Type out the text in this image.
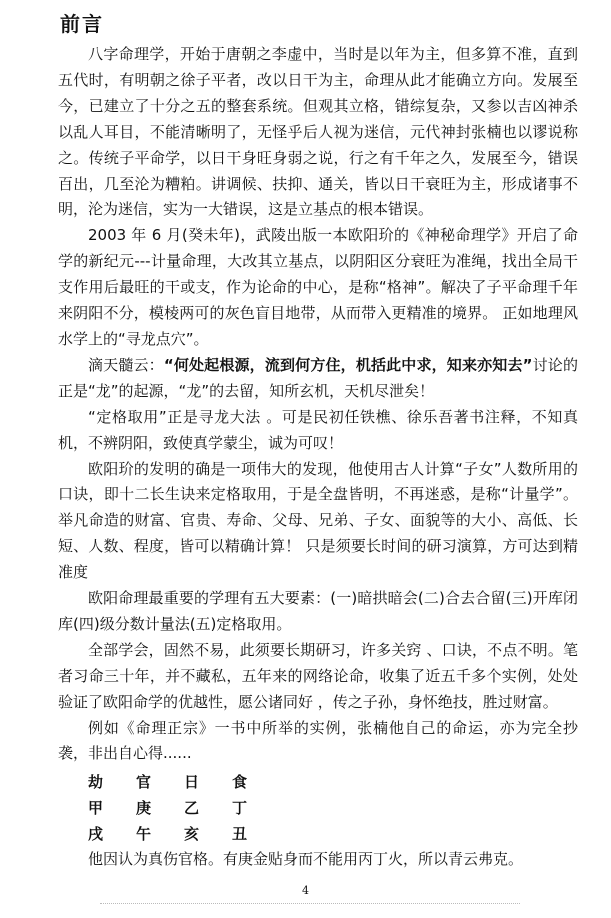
前言

八字命理学，开始于唐朝之李虚中，当时是以年为主，但多算不准，直到五代时，有明朝之徐子平者，改以日干为主，命理从此才能确立方向。发展至今，已建立了十分之五的整套系统。但观其立格，错综复杂，又参以吉凶神杀以乱人耳目，不能清晰明了，无怪乎后人视为迷信，元代神封张楠也以谬说称之。传统子平命学，以日干身旺身弱之说，行之有千年之久，发展至今，错误百出，几至沦为糟粕。讲调候、扶抑、通关，皆以日干衰旺为主，形成诸事不明，沦为迷信，实为一大错误，这是立基点的根本错误。

2003 年 6 月(癸未年)，武陵出版一本欧阳玠的《神秘命理学》开启了命学的新纪元---计量命理，大改其立基点，以阴阳区分衰旺为准绳，找出全局干支作用后最旺的干或支，作为论命的中心，是称“格神”。解决了子平命理千年来阴阳不分，模棱两可的灰色盲目地带，从而带入更精准的境界。 正如地理风水学上的“寻龙点穴”。

滴天髓云：“何处起根源，流到何方住，机括此中求，知来亦知去”讨论的正是“龙”的起源，“龙”的去留，知所玄机，天机尽泄矣！

“定格取用”正是寻龙大法 。可是民初任铁樵、徐乐吾著书注释，不知真机，不辨阴阳，致使真学蒙尘，诚为可叹！

欧阳玠的发明的确是一项伟大的发现，他使用古人计算“子女”人数所用的口诀，即十二长生诀来定格取用，于是全盘皆明，不再迷惑，是称“计量学”。举凡命造的财富、官贵、寿命、父母、兄弟、子女、面貌等的大小、高低、长短、人数、程度，皆可以精确计算！ 只是须要长时间的研习演算，方可达到精准度

欧阳命理最重要的学理有五大要素：(一)暗拱暗会(二)合去合留(三)开库闭库(四)级分数计量法(五)定格取用。

全部学会，固然不易，此须要长期研习，许多关窍 、口诀，不点不明。笔者习命三十年，并不藏私，五年来的网络论命，收集了近五千多个实例，处处验证了欧阳命学的优越性，愿公诸同好 ，传之子孙，身怀绝技，胜过财富。

例如《命理正宗》一书中所举的实例，张楠他自己的命运，亦为完全抄袭，非出自心得......

劫	官	日	食
甲	庚	乙	丁
戌	午	亥	丑

他因认为真伤官格。有庚金贴身而不能用丙丁火，所以青云弗克。

4
